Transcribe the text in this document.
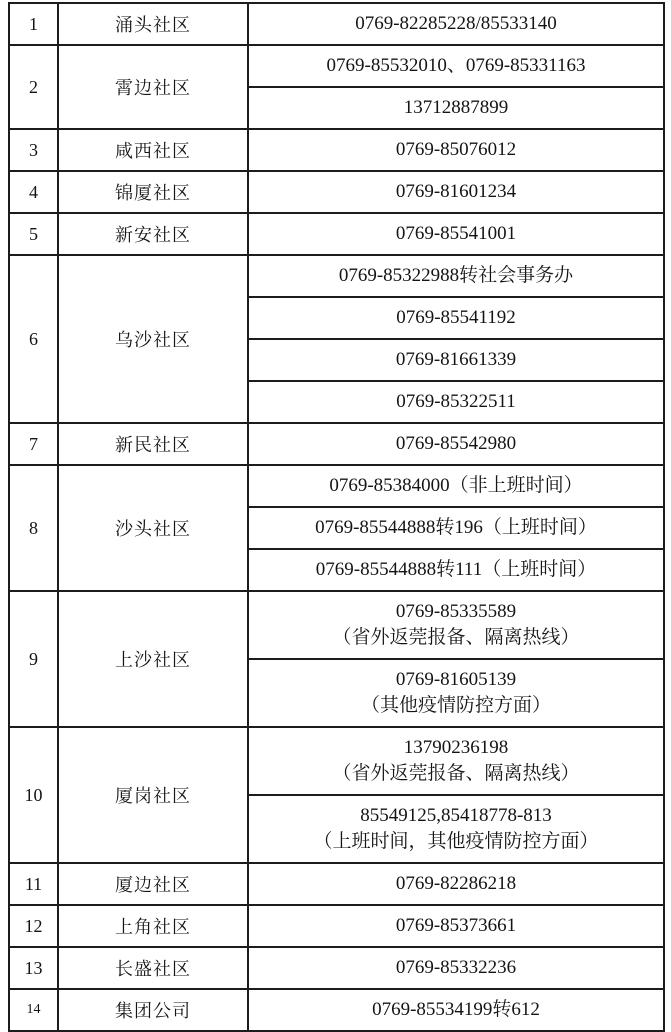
1	涌头社区	0769-82285228/85533140

2	霄边社区	0769-85532010、0769-85331163

		13712887899

3	咸西社区	0769-85076012

4	锦厦社区	0769-81601234

5	新安社区	0769-85541001

6	乌沙社区	0769-85322988转社会事务办

		0769-85541192

		0769-81661339

		0769-85322511

7	新民社区	0769-85542980

8	沙头社区	0769-85384000（非上班时间）

		0769-85544888转196（上班时间）

		0769-85544888转111（上班时间）

9	上沙社区	0769-85335589
（省外返莞报备、隔离热线）

		0769-81605139
（其他疫情防控方面）

10	厦岗社区	13790236198
（省外返莞报备、隔离热线）

		85549125,85418778-813
（上班时间，其他疫情防控方面）

11	厦边社区	0769-82286218

12	上角社区	0769-85373661

13	长盛社区	0769-85332236

14	集团公司	0769-85534199转612
